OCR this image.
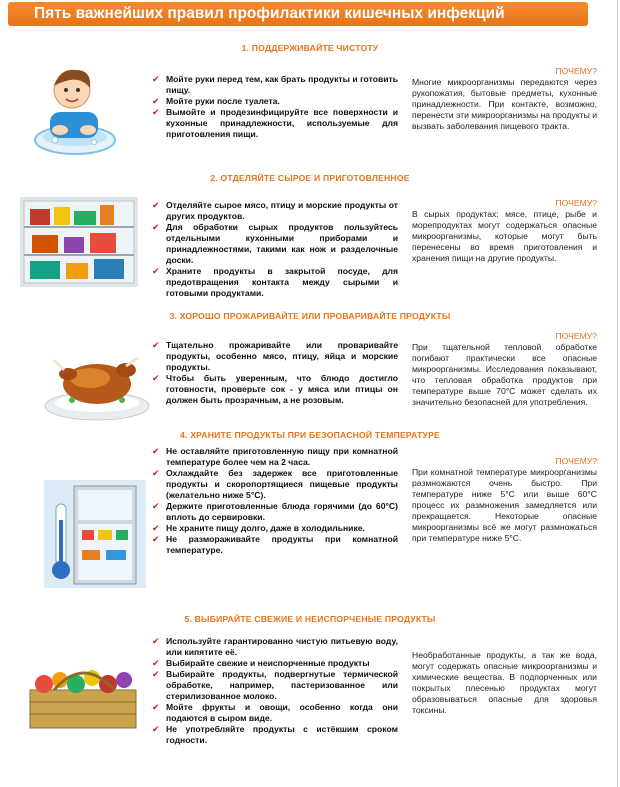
Пять важнейших правил профилактики кишечных инфекций
1. ПОДДЕРЖИВАЙТЕ ЧИСТОТУ
✔ Мойте руки перед тем, как брать продукты и готовить пищу.
✔ Мойте руки после туалета.
✔ Вымойте и продезинфицируйте все поверхности и кухонные принадлежности, используемые для приготовления пищи.
ПОЧЕМУ?
Многие микроорганизмы передаются через рукопожатия, бытовые предметы, кухонные принадлежности. При контакте, возможно, перенести эти микроорганизмы на продукты и вызвать заболевания пищевого тракта.
2. ОТДЕЛЯЙТЕ СЫРОЕ И ПРИГОТОВЛЕННОЕ
✔ Отделяйте сырое мясо, птицу и морские продукты от других продуктов.
✔ Для обработки сырых продуктов пользуйтесь отдельными кухонными приборами и принадлежностями, такими как нож и разделочные доски.
✔ Храните продукты в закрытой посуде, для предотвращения контакта между сырыми и готовыми продуктами.
ПОЧЕМУ?
В сырых продуктах: мясе, птице, рыбе и морепродуктах могут содержаться опасные микроорганизмы, которые могут быть перенесены во время приготовления и хранения пищи на другие продукты.
3. ХОРОШО ПРОЖАРИВАЙТЕ ИЛИ ПРОВАРИВАЙТЕ ПРОДУКТЫ
✔ Тщательно прожаривайте или проваривайте продукты, особенно мясо, птицу, яйца и морские продукты.
✔ Чтобы быть уверенным, что блюдо достигло готовности, проверьте сок - у мяса или птицы он должен быть прозрачным, а не розовым.
ПОЧЕМУ?
При тщательной тепловой обработке погибают практически все опасные микроорганизмы. Исследования показывают, что тепловая обработка продуктов при температуре выше 70°С может сделать их значительно безопасней для употребления.
4. ХРАНИТЕ ПРОДУКТЫ ПРИ БЕЗОПАСНОЙ ТЕМПЕРАТУРЕ
✔ Не оставляйте приготовленную пищу при комнатной температуре более чем на 2 часа.
✔ Охлаждайте без задержек все приготовленные продукты и скоропортящиеся пищевые продукты (желательно ниже 5°С).
✔ Держите приготовленные блюда горячими (до 60°С) вплоть до сервировки.
✔ Не храните пищу долго, даже в холодильнике.
✔ Не размораживайте продукты при комнатной температуре.
ПОЧЕМУ?
При комнатной температуре микроорганизмы размножаются очень быстро. При температуре ниже 5°С или выше 60°С процесс их размножения замедляется или прекращается. Некоторые опасные микроорганизмы всё же могут размножаться при температуре ниже 5°С.
5. ВЫБИРАЙТЕ СВЕЖИЕ И НЕИСПОРЧЕНЫЕ ПРОДУКТЫ
✔ Используйте гарантированно чистую питьевую воду, или кипятите её.
✔ Выбирайте свежие и неиспорченные продукты
✔ Выбирайте продукты, подвергнутые термической обработке, например, пастеризованное или стерилизованное молоко.
✔ Мойте фрукты и овощи, особенно когда они подаются в сыром виде.
✔ Не употребляйте продукты с истёкшим сроком годности.
Необработанные продукты, а так же вода, могут содержать опасные микроорганизмы и химические вещества. В подпорченных или покрытых плесенью продуктах могут образовываться опасные для здоровья токсины.
